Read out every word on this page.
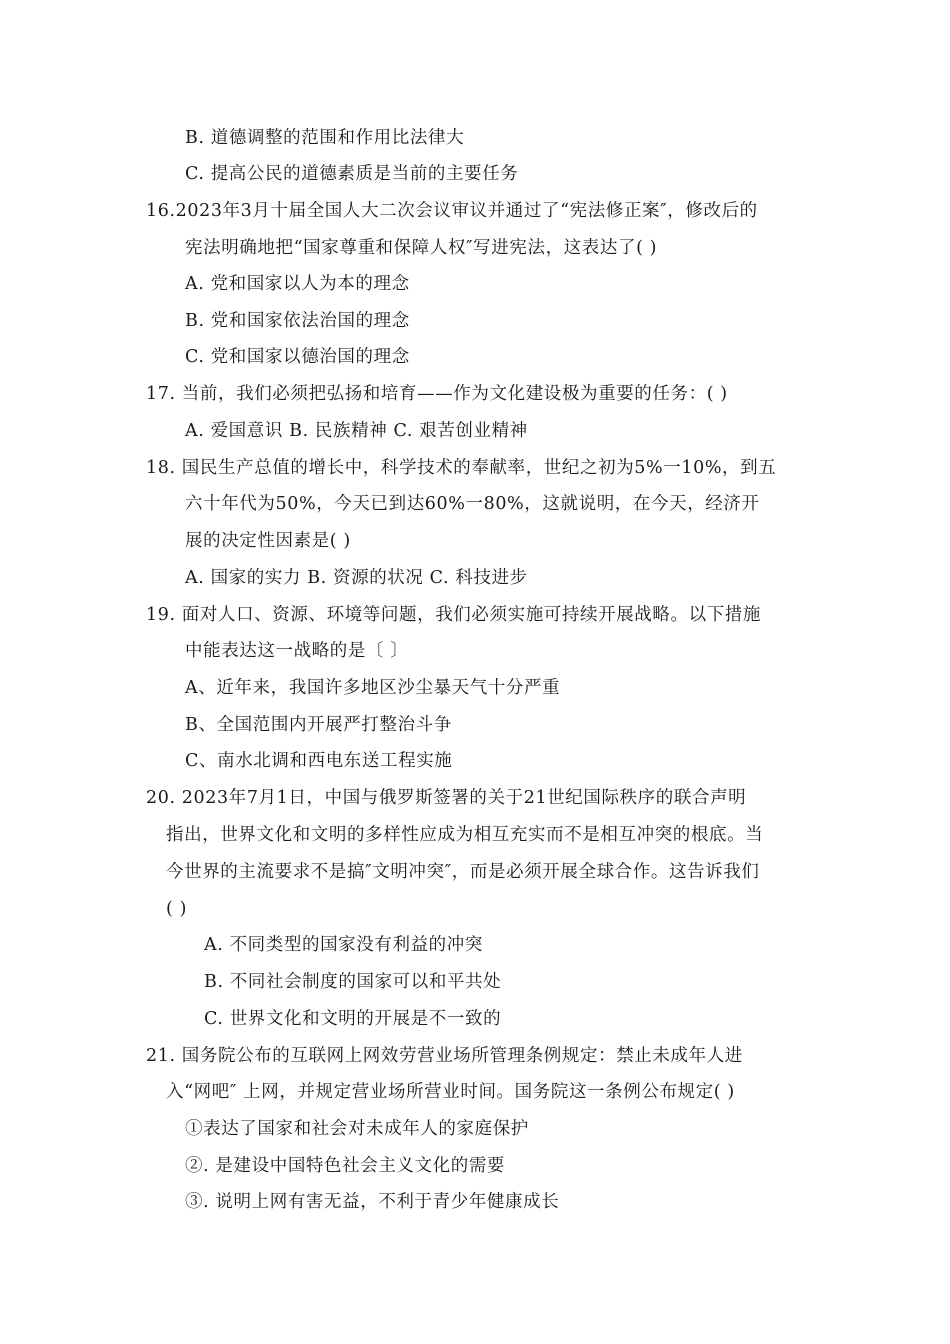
B. 道德调整的范围和作用比法律大
C. 提高公民的道德素质是当前的主要任务
16.2023年3月十届全国人大二次会议审议并通过了“宪法修正案″，修改后的
宪法明确地把“国家尊重和保障人权″写进宪法，这表达了( )
A. 党和国家以人为本的理念
B. 党和国家依法治国的理念
C. 党和国家以德治国的理念
17. 当前，我们必须把弘扬和培育——作为文化建设极为重要的任务：( )
A. 爱国意识 B. 民族精神 C. 艰苦创业精神
18. 国民生产总值的增长中，科学技术的奉献率，世纪之初为5%一10%，到五
六十年代为50%，今天已到达60%一80%，这就说明，在今天，经济开
展的决定性因素是( )
A. 国家的实力 B. 资源的状况 C. 科技进步
19. 面对人口、资源、环境等问题，我们必须实施可持续开展战略。以下措施
中能表达这一战略的是〔 〕
A、近年来，我国许多地区沙尘暴天气十分严重
B、全国范围内开展严打整治斗争
C、南水北调和西电东送工程实施
20. 2023年7月1日，中国与俄罗斯签署的关于21世纪国际秩序的联合声明
指出，世界文化和文明的多样性应成为相互充实而不是相互冲突的根底。当
今世界的主流要求不是搞″文明冲突″，而是必须开展全球合作。这告诉我们
( )
A. 不同类型的国家没有利益的冲突
B. 不同社会制度的国家可以和平共处
C. 世界文化和文明的开展是不一致的
21. 国务院公布的互联网上网效劳营业场所管理条例规定：禁止未成年人进
入“网吧″ 上网，并规定营业场所营业时间。国务院这一条例公布规定( )
①表达了国家和社会对未成年人的家庭保护
②. 是建设中国特色社会主义文化的需要
③. 说明上网有害无益，不利于青少年健康成长
